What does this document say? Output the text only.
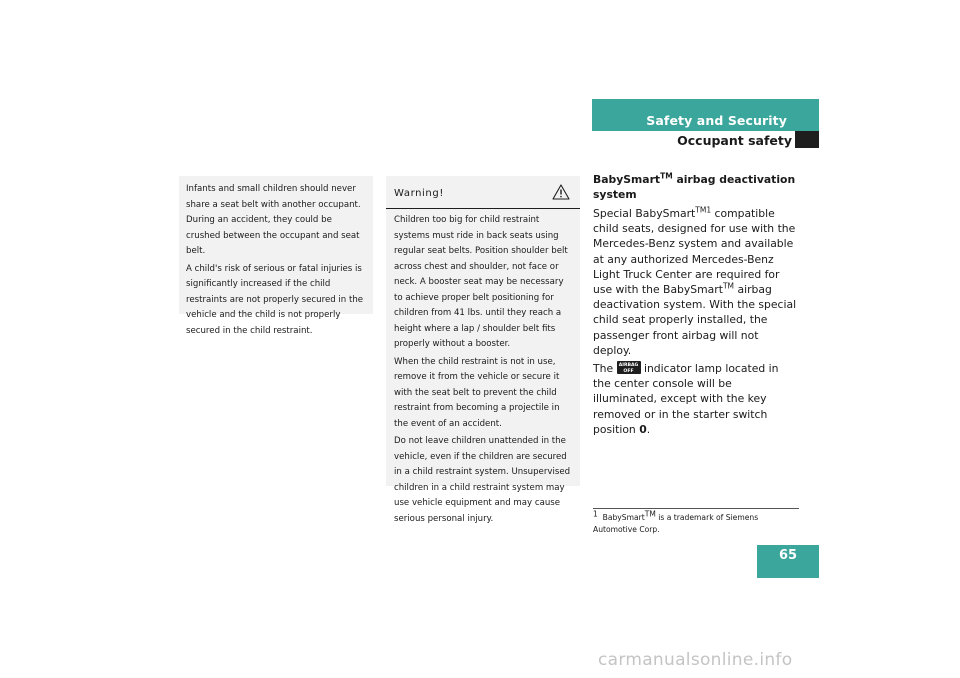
Safety and Security
Occupant safety

Infants and small children should never share a seat belt with another occupant. During an accident, they could be crushed between the occupant and seat belt.

A child's risk of serious or fatal injuries is significantly increased if the child restraints are not properly secured in the vehicle and the child is not properly secured in the child restraint.

Warning!

Children too big for child restraint systems must ride in back seats using regular seat belts. Position shoulder belt across chest and shoulder, not face or neck. A booster seat may be necessary to achieve proper belt positioning for children from 41 lbs. until they reach a height where a lap / shoulder belt fits properly without a booster.

When the child restraint is not in use, remove it from the vehicle or secure it with the seat belt to prevent the child restraint from becoming a projectile in the event of an accident.

Do not leave children unattended in the vehicle, even if the children are secured in a child restraint system. Unsupervised children in a child restraint system may use vehicle equipment and may cause serious personal injury.

BabySmart™ airbag deactivation system

Special BabySmart$^{TM1}$ compatible child seats, designed for use with the Mercedes-Benz system and available at any authorized Mercedes-Benz Light Truck Center are required for use with the BabySmart™ airbag deactivation system. With the special child seat properly installed, the passenger front airbag will not deploy.

The AIRBAG
OFF indicator lamp located in the center console will be illuminated, except with the key removed or in the starter switch position 0.

$^1$ BabySmart™ is a trademark of Siemens Automotive Corp.
65
carmanualsonline.info
